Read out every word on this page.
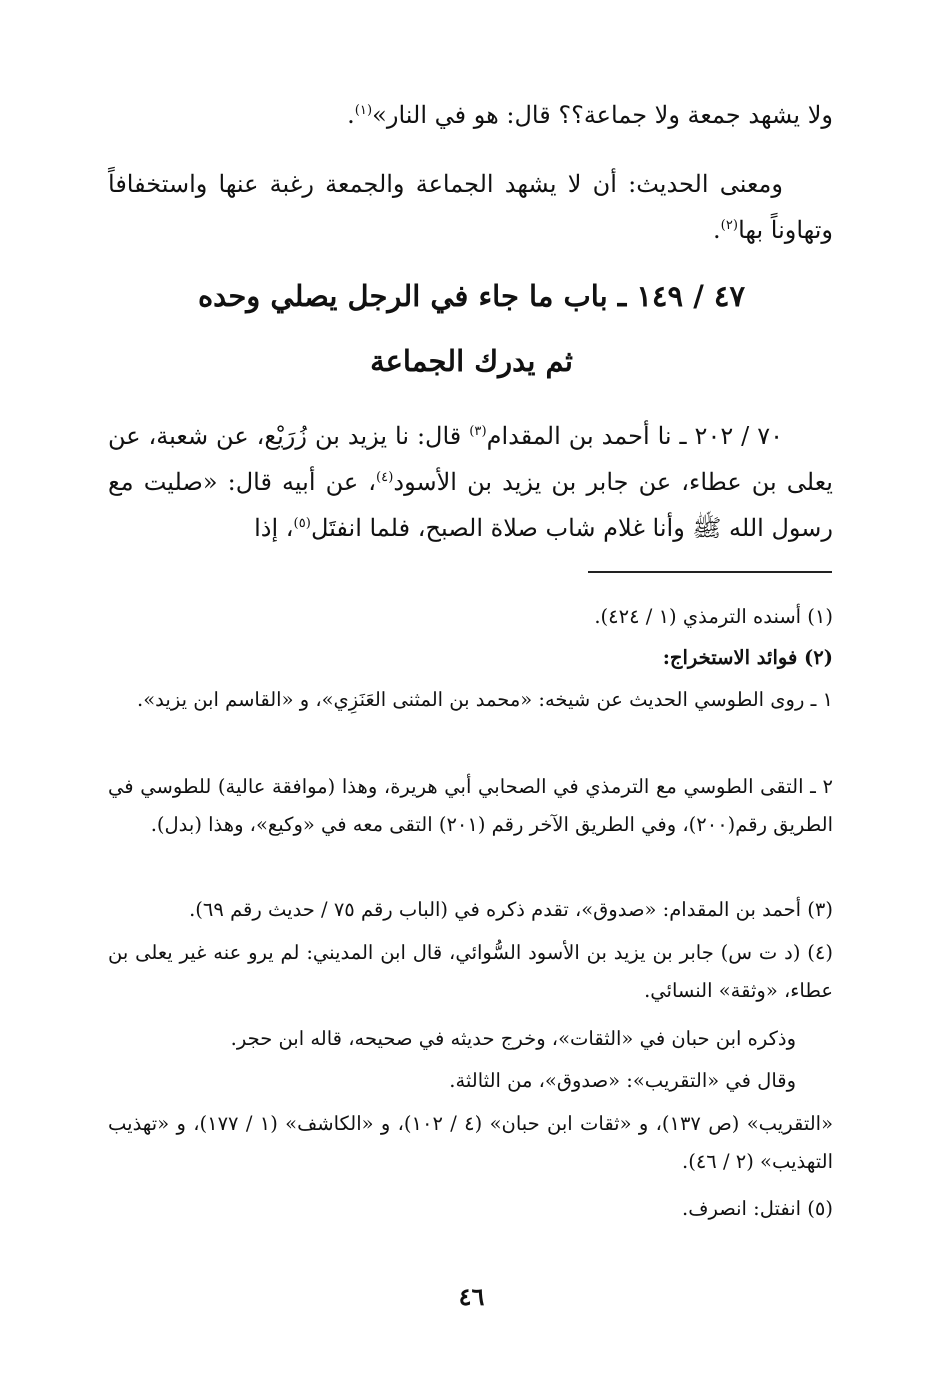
ولا يشهد جمعة ولا جماعة؟؟ قال: هو في النار»$^{(١)}$.
ومعنى الحديث: أن لا يشهد الجماعة والجمعة رغبة عنها واستخفافاً وتهاوناً بها$^{(٢)}$.
٤٧ / ١٤٩ ـ باب ما جاء في الرجل يصلي وحده
ثم يدرك الجماعة
٧٠ / ٢٠٢ ـ نا أحمد بن المقدام$^{(٣)}$ قال: نا يزيد بن زُرَيْع، عن شعبة، عن يعلى بن عطاء، عن جابر بن يزيد بن الأسود$^{(٤)}$، عن أبيه قال: «صليت مع رسول الله ﷺ وأنا غلام شاب صلاة الصبح، فلما انفتَل$^{(٥)}$، إذا
(١) أسنده الترمذي (١ / ٤٢٤).
(٢) فوائد الاستخراج:
١ ـ روى الطوسي الحديث عن شيخه: «محمد بن المثنى العَنَزِي»، و «القاسم ابن يزيد».
٢ ـ التقى الطوسي مع الترمذي في الصحابي أبي هريرة، وهذا (موافقة عالية) للطوسي في الطريق رقم(٢٠٠)، وفي الطريق الآخر رقم (٢٠١) التقى معه في «وكيع»، وهذا (بدل).
(٣) أحمد بن المقدام: «صدوق»، تقدم ذكره في (الباب رقم ٧٥ / حديث رقم ٦٩).
(٤) (د ت س) جابر بن يزيد بن الأسود السُّوائي، قال ابن المديني: لم يرو عنه غير يعلى بن عطاء، «وثقة» النسائي.
وذكره ابن حبان في «الثقات»، وخرج حديثه في صحيحه، قاله ابن حجر.
وقال في «التقريب»: «صدوق»، من الثالثة.
«التقريب» (ص ١٣٧)، و «ثقات ابن حبان» (٤ / ١٠٢)، و «الكاشف» (١ / ١٧٧)، و «تهذيب التهذيب» (٢ / ٤٦).
(٥) انفتل: انصرف.
٤٦
